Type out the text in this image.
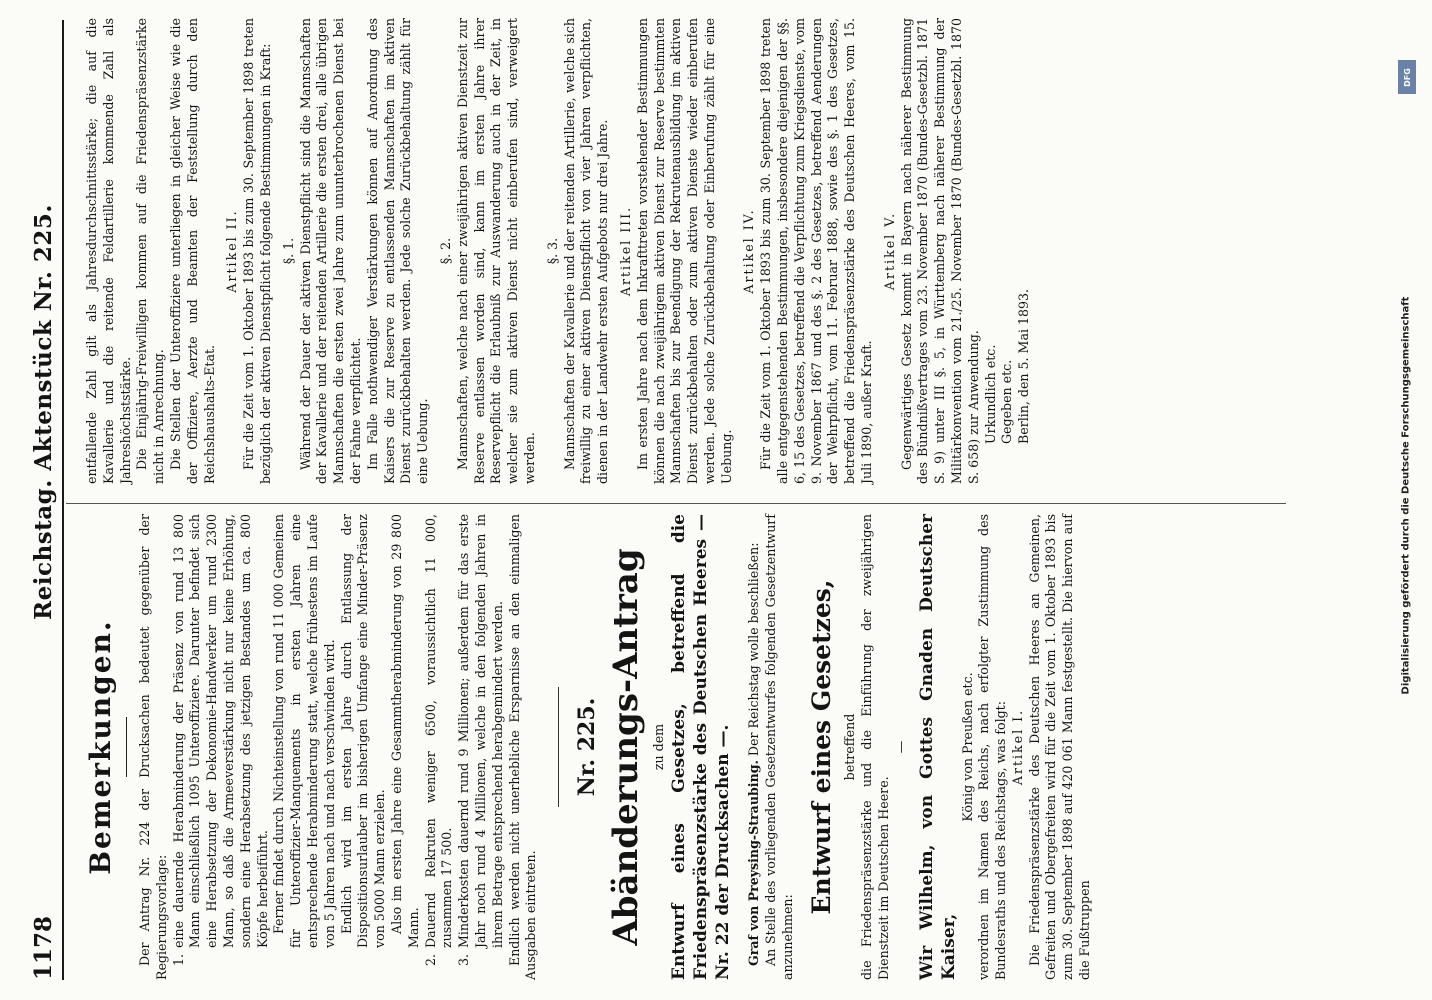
1178
Reichstag. Aktenstück Nr. 225.
Bemerkungen. Der Antrag Nr. 224 der Drucksachen bedeutet gegenüber der Regierungsvorlage: 1.
eine dauernde Herabminderung der Präsenz von rund 13 800 Mann einschließlich 1095 Unteroffiziere. Darunter befindet sich eine Herabsetzung der Dekonomie-Handwerker um rund 2300 Mann, so daß die Armeeverstärkung nicht nur keine Erhöhung, sondern eine Herabsetzung des jetzigen Bestandes um ca. 800 Köpfe herbeiführt. Ferner findet durch Nichteinstellung von rund 11 000 Gemeinen für Unteroffizier-Manquements in ersten Jahren eine entsprechende Herabminderung statt, welche frühestens im Laufe von 5 Jahren nach und nach verschwinden wird. Endlich wird im ersten Jahre durch Entlassung der Dispositionsurlauber im bisherigen Umfange eine Minder-Präsenz von 5000 Mann erzielen. Also im ersten Jahre eine Gesammtherabminderung von 29 800 Mann.

2.
Dauernd Rekruten weniger 6500, voraussichtlich 11 000, zusammen 17 500.
3.
Minderkosten dauernd rund 9 Millionen; außerdem für das erste Jahr noch rund 4 Millionen, welche in den folgenden Jahren in ihrem Betrage entsprechend herabgemindert werden. Endlich werden nicht unerhebliche Ersparnisse an den einmaligen Ausgaben eintreten.

Nr. 225. Abänderungs-Antrag zu dem Entwurf eines Gesetzes, betreffend die Friedenspräsenzstärke des Deutschen Heeres — Nr. 22 der Drucksachen —. Graf von Preysing-Straubing. Der Reichstag wolle beschließen: An Stelle des vorliegenden Gesetzentwurfes folgenden Gesetzentwurf anzunehmen:

Entwurf eines Gesetzes, betreffend die Friedenspräsenzstärke und die Einführung der zweijährigen Dienstzeit im Deutschen Heere.

— Wir Wilhelm, von Gottes Gnaden Deutscher Kaiser,
König von Preußen etc. verordnen im Namen des Reichs, nach erfolgter Zustimmung des Bundesraths und des Reichstags, was folgt: Artikel I. Die Friedenspräsenzstärke des Deutschen Heeres an Gemeinen, Gefreiten und Obergefreiten wird für die Zeit vom 1. Oktober 1893 bis zum 30. September 1898 auf 420 061 Mann festgestellt. Die hiervon auf die Fußtruppen

entfallende Zahl gilt als Jahresdurchschnittsstärke; die auf die Kavallerie und die reitende Feldartillerie kommende Zahl als Jahreshöchststärke. Die Einjährig-Freiwilligen kommen auf die Friedenspräsenzstärke nicht in Anrechnung. Die Stellen der Unteroffiziere unterliegen in gleicher Weise wie die der Offiziere, Aerzte und Beamten der Feststellung durch den Reichshaushalts-Etat.

Artikel II. Für die Zeit vom 1. Oktober 1893 bis zum 30. September 1898 treten bezüglich der aktiven Dienstpflicht folgende Bestimmungen in Kraft: §. 1. Während der Dauer der aktiven Dienstpflicht sind die Mannschaften der Kavallerie und der reitenden Artillerie die ersten drei, alle übrigen Mannschaften die ersten zwei Jahre zum ununterbrochenen Dienst bei der Fahne verpflichtet. Im Falle nothwendiger Verstärkungen können auf Anordnung des Kaisers die zur Reserve zu entlassenden Mannschaften im aktiven Dienst zurückbehalten werden. Jede solche Zurückbehaltung zählt für eine Uebung.

§. 2. Mannschaften, welche nach einer zweijährigen aktiven Dienstzeit zur Reserve entlassen worden sind, kann im ersten Jahre ihrer Reservepflicht die Erlaubniß zur Auswanderung auch in der Zeit, in welcher sie zum aktiven Dienst nicht einberufen sind, verweigert werden.

§. 3. Mannschaften der Kavallerie und der reitenden Artillerie, welche sich freiwillig zu einer aktiven Dienstpflicht von vier Jahren verpflichten, dienen in der Landwehr ersten Aufgebots nur drei Jahre. Artikel III. Im ersten Jahre nach dem Inkrafttreten vorstehender Bestimmungen können die nach zweijährigem aktiven Dienst zur Reserve bestimmten Mannschaften bis zur Beendigung der Rekrutenausbildung im aktiven Dienst zurückbehalten oder zum aktiven Dienste wieder einberufen werden. Jede solche Zurückbehaltung oder Einberufung zählt für eine Uebung.

Artikel IV. Für die Zeit vom 1. Oktober 1893 bis zum 30. September 1898 treten alle entgegenstehenden Bestimmungen, insbesondere diejenigen der §§. 6, 15 des Gesetzes, betreffend die Verpflichtung zum Kriegsdienste, vom 9. November 1867 und des §. 2 des Gesetzes, betreffend Aenderungen der Wehrpflicht, vom 11. Februar 1888, sowie des §. 1 des Gesetzes, betreffend die Friedenspräsenzstärke des Deutschen Heeres, vom 15. Juli 1890, außer Kraft.

Artikel V. Gegenwärtiges Gesetz kommt in Bayern nach näherer Bestimmung des Bündnißvertrages vom 23. November 1870 (Bundes-Gesetzbl. 1871 S. 9) unter III §. 5, in Württemberg nach näherer Bestimmung der Militärkonvention vom 21./25. November 1870 (Bundes-Gesetzbl. 1870 S. 658) zur Anwendung. Urkundlich etc. Gegeben etc. Berlin, den 5. Mai 1893.

DFG
Digitalisierung gefördert durch die Deutsche Forschungsgemeinschaft
